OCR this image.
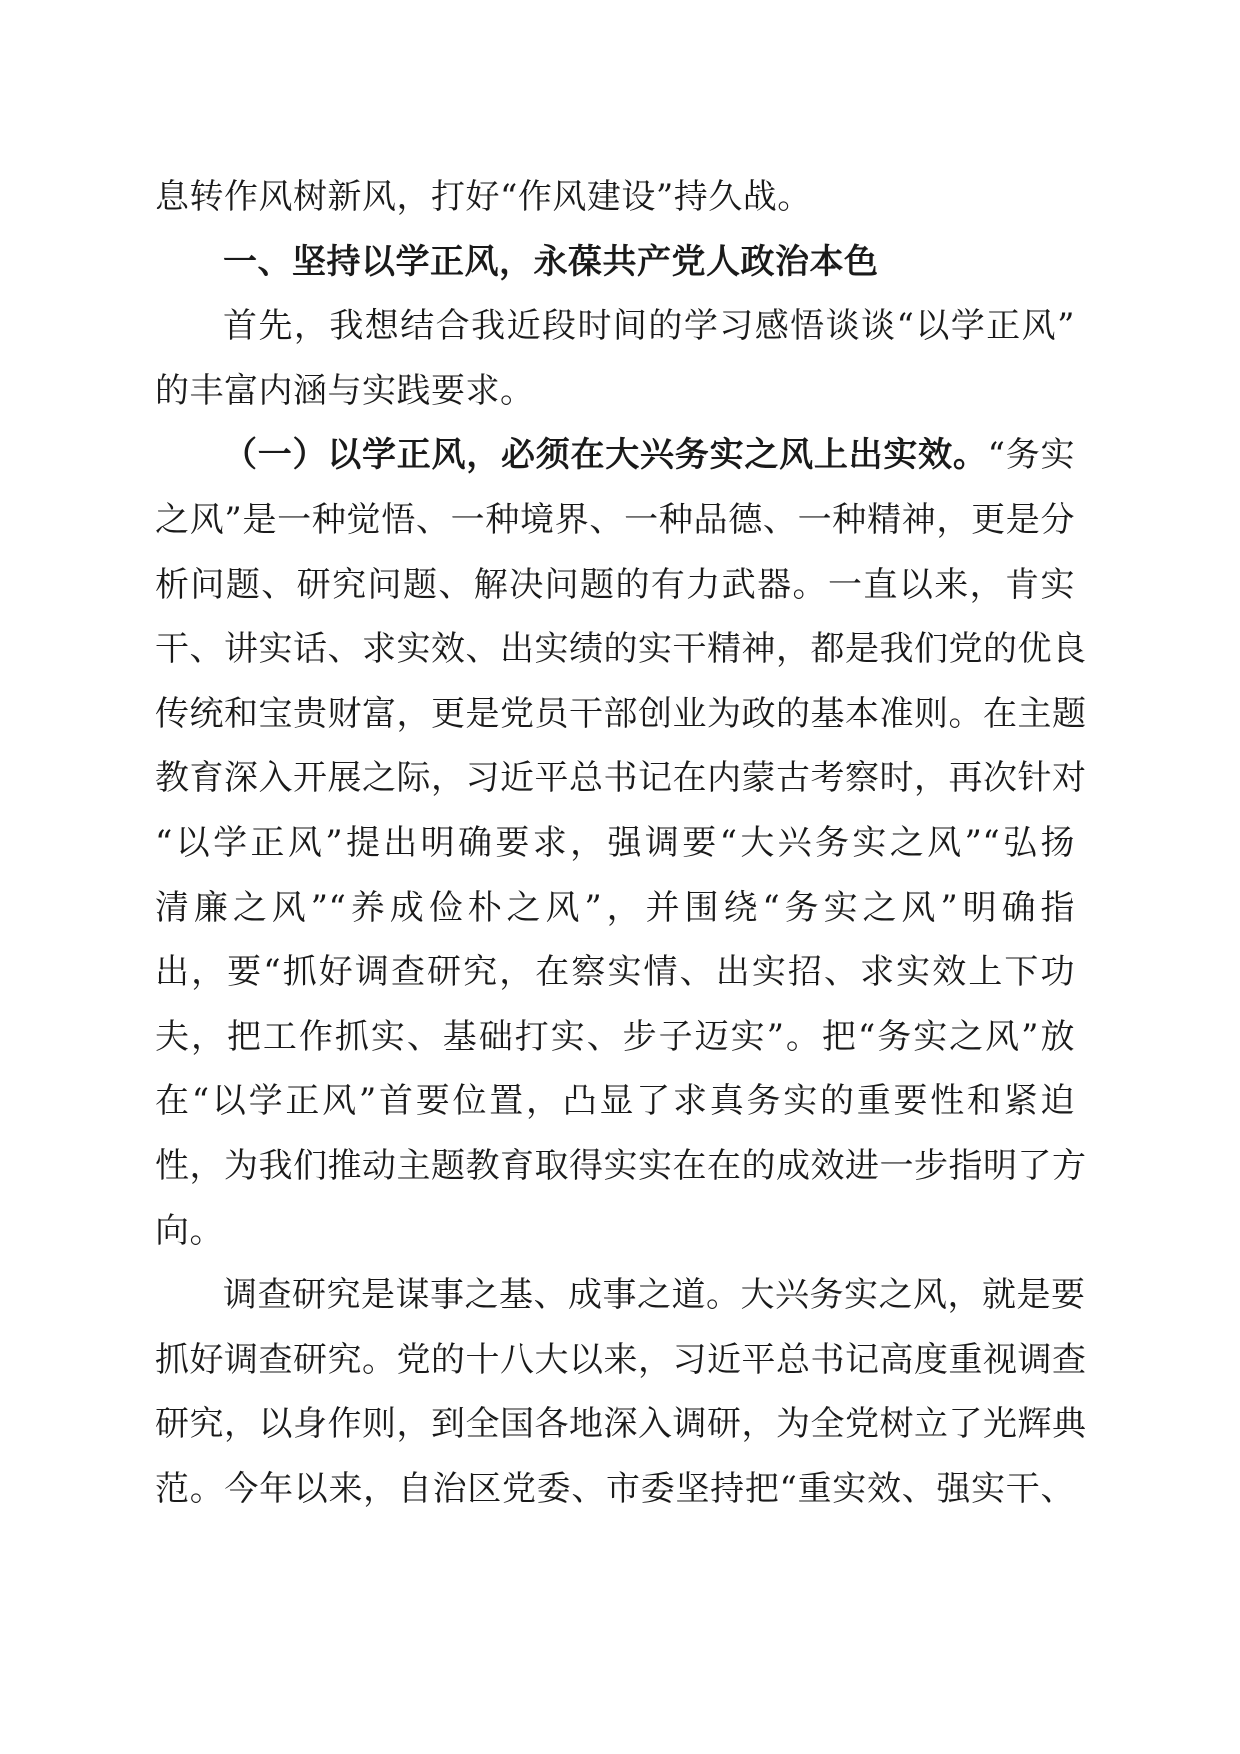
息转作风树新风，打好“作风建设”持久战。
一、坚持以学正风，永葆共产党人政治本色
首先，我想结合我近段时间的学习感悟谈谈“以学正风”
的丰富内涵与实践要求。
（一）以学正风，必须在大兴务实之风上出实效。“务实
之风”是一种觉悟、一种境界、一种品德、一种精神，更是分
析问题、研究问题、解决问题的有力武器。一直以来，肯实
干、讲实话、求实效、出实绩的实干精神，都是我们党的优良
传统和宝贵财富，更是党员干部创业为政的基本准则。在主题
教育深入开展之际，习近平总书记在内蒙古考察时，再次针对
“以学正风”提出明确要求，强调要“大兴务实之风”“弘扬
清廉之风”“养成俭朴之风”，并围绕“务实之风”明确指
出，要“抓好调查研究，在察实情、出实招、求实效上下功
夫，把工作抓实、基础打实、步子迈实”。把“务实之风”放
在“以学正风”首要位置，凸显了求真务实的重要性和紧迫
性，为我们推动主题教育取得实实在在的成效进一步指明了方
向。
调查研究是谋事之基、成事之道。大兴务实之风，就是要
抓好调查研究。党的十八大以来，习近平总书记高度重视调查
研究，以身作则，到全国各地深入调研，为全党树立了光辉典
范。今年以来，自治区党委、市委坚持把“重实效、强实干、
